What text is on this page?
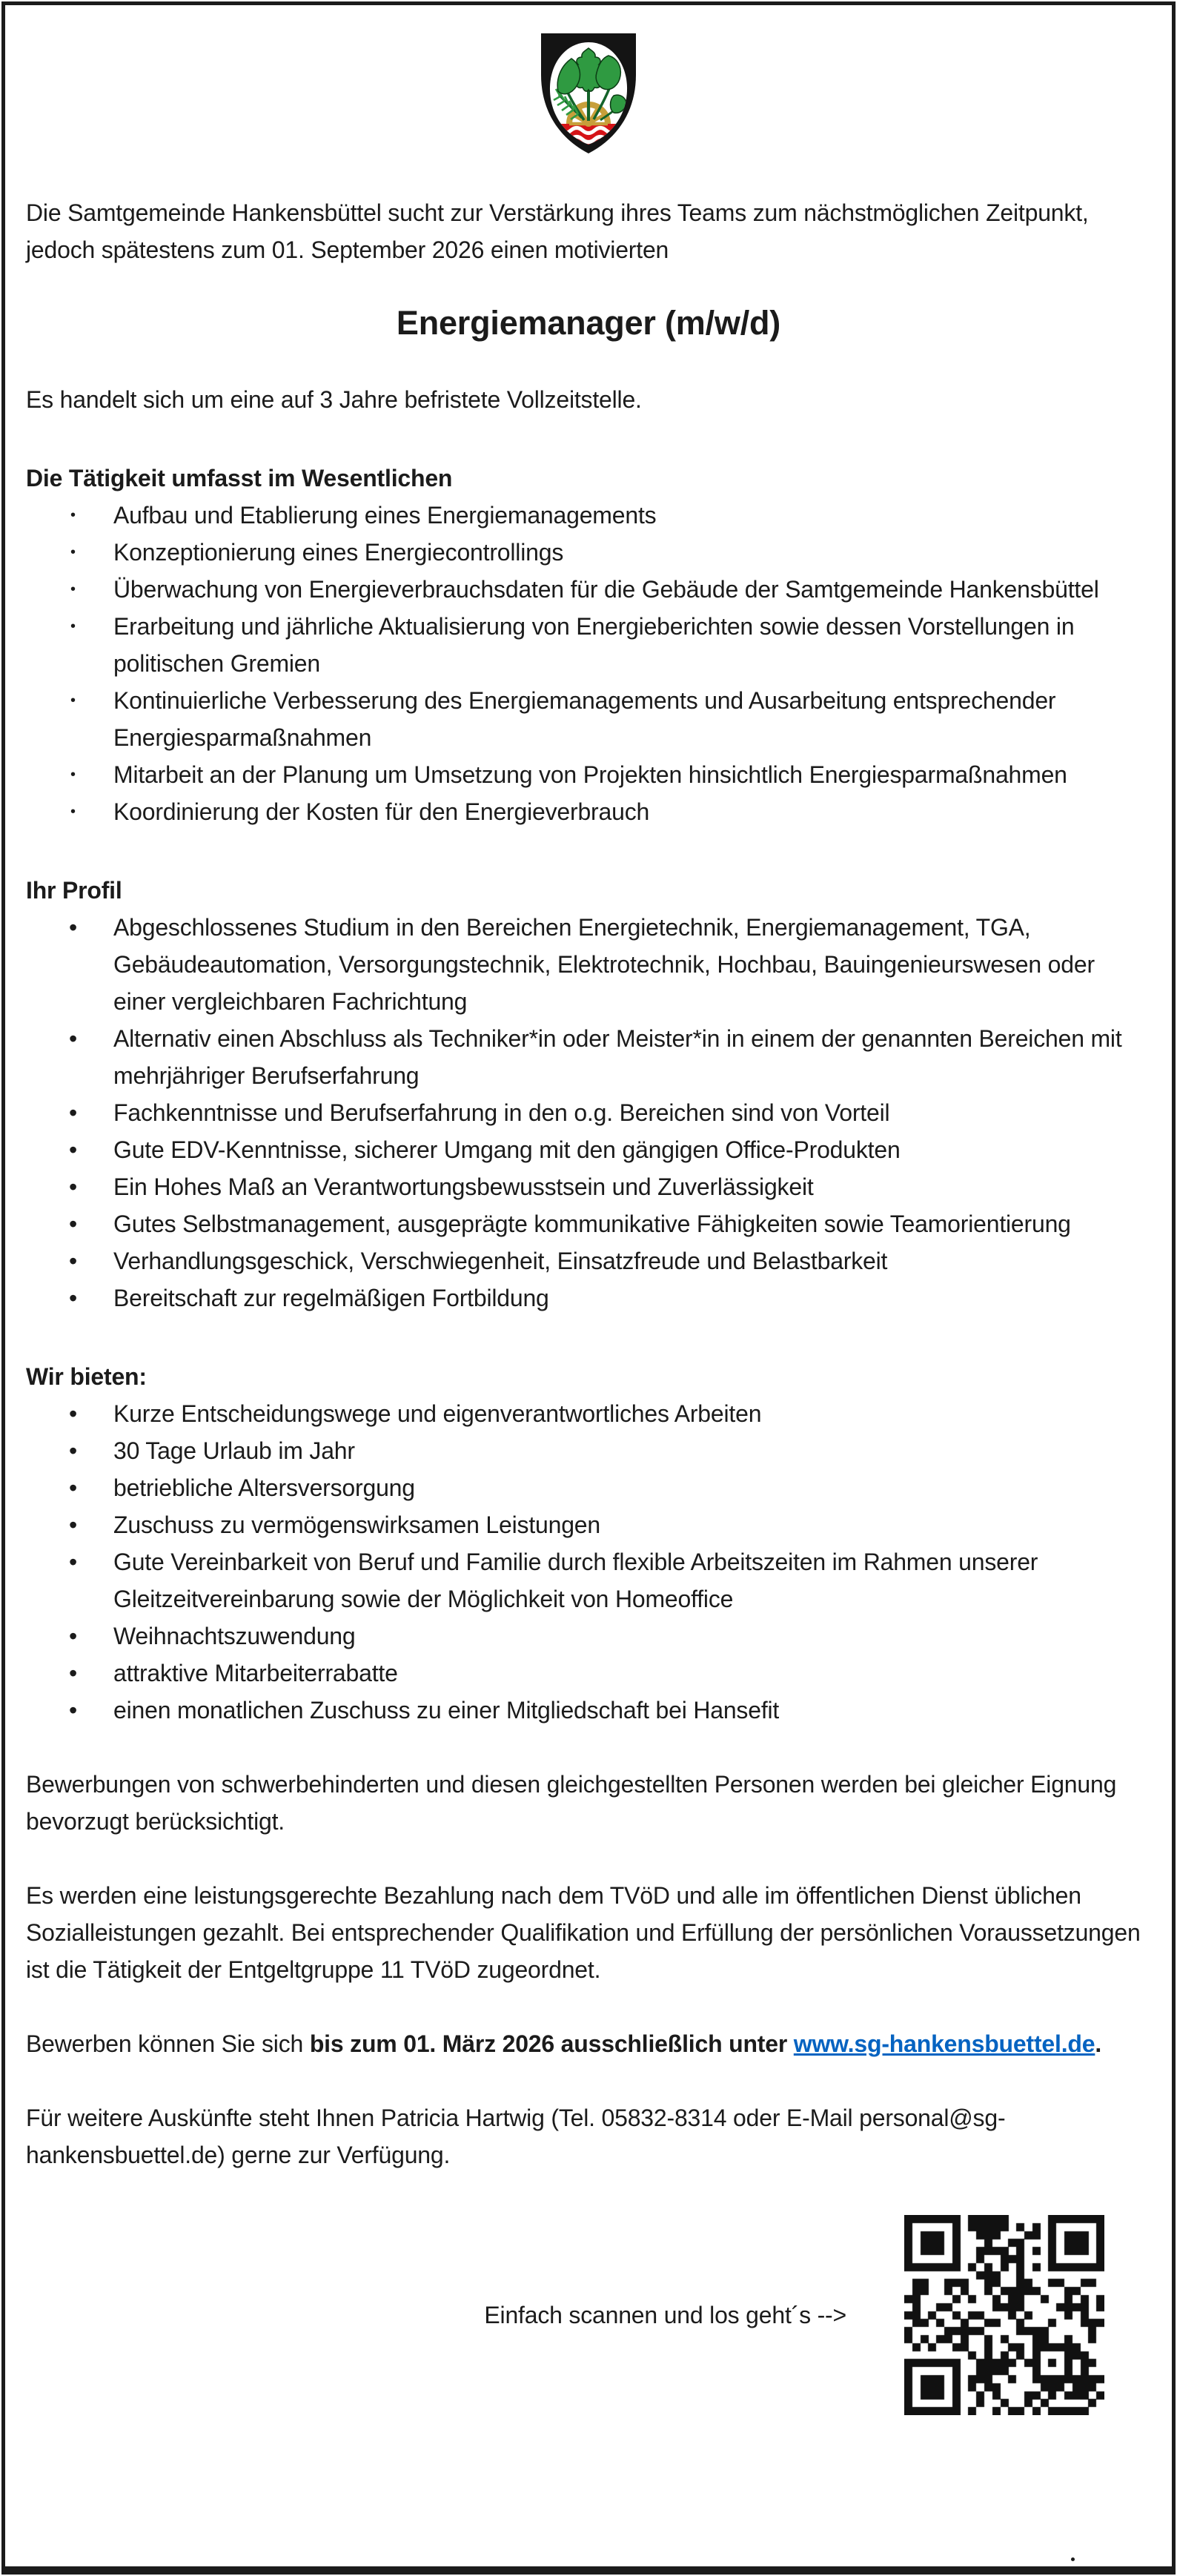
Die Samtgemeinde Hankensbüttel sucht zur Verstärkung ihres Teams zum nächstmöglichen Zeitpunkt, jedoch spätestens zum 01. September 2026 einen motivierten

Energiemanager (m/w/d)

Es handelt sich um eine auf 3 Jahre befristete Vollzeitstelle.

Die Tätigkeit umfasst im Wesentlichen
• Aufbau und Etablierung eines Energiemanagements
• Konzeptionierung eines Energiecontrollings
• Überwachung von Energieverbrauchsdaten für die Gebäude der Samtgemeinde Hankensbüttel
• Erarbeitung und jährliche Aktualisierung von Energieberichten sowie dessen Vorstellungen in politischen Gremien
• Kontinuierliche Verbesserung des Energiemanagements und Ausarbeitung entsprechender Energiesparmaßnahmen
• Mitarbeit an der Planung um Umsetzung von Projekten hinsichtlich Energiesparmaßnahmen
• Koordinierung der Kosten für den Energieverbrauch
Ihr Profil
• Abgeschlossenes Studium in den Bereichen Energietechnik, Energiemanagement, TGA, Gebäudeautomation, Versorgungstechnik, Elektrotechnik, Hochbau, Bauingenieurswesen oder einer vergleichbaren Fachrichtung
• Alternativ einen Abschluss als Techniker*in oder Meister*in in einem der genannten Bereichen mit mehrjähriger Berufserfahrung
• Fachkenntnisse und Berufserfahrung in den o.g. Bereichen sind von Vorteil
• Gute EDV-Kenntnisse, sicherer Umgang mit den gängigen Office-Produkten
• Ein Hohes Maß an Verantwortungsbewusstsein und Zuverlässigkeit
• Gutes Selbstmanagement, ausgeprägte kommunikative Fähigkeiten sowie Teamorientierung
• Verhandlungsgeschick, Verschwiegenheit, Einsatzfreude und Belastbarkeit
• Bereitschaft zur regelmäßigen Fortbildung
Wir bieten:
• Kurze Entscheidungswege und eigenverantwortliches Arbeiten
• 30 Tage Urlaub im Jahr
• betriebliche Altersversorgung
• Zuschuss zu vermögenswirksamen Leistungen
• Gute Vereinbarkeit von Beruf und Familie durch flexible Arbeitszeiten im Rahmen unserer Gleitzeitvereinbarung sowie der Möglichkeit von Homeoffice
• Weihnachtszuwendung
• attraktive Mitarbeiterrabatte
• einen monatlichen Zuschuss zu einer Mitgliedschaft bei Hansefit

Bewerbungen von schwerbehinderten und diesen gleichgestellten Personen werden bei gleicher Eignung bevorzugt berücksichtigt.

Es werden eine leistungsgerechte Bezahlung nach dem TVöD und alle im öffentlichen Dienst üblichen Sozialleistungen gezahlt. Bei entsprechender Qualifikation und Erfüllung der persönlichen Voraussetzungen ist die Tätigkeit der Entgeltgruppe 11 TVöD zugeordnet.

Bewerben können Sie sich bis zum 01. März 2026 ausschließlich unter www.sg-hankensbuettel.de.

Für weitere Auskünfte steht Ihnen Patricia Hartwig (Tel. 05832-8314 oder E-Mail personal@sg-hankensbuettel.de) gerne zur Verfügung.

Einfach scannen und los geht´s -->
